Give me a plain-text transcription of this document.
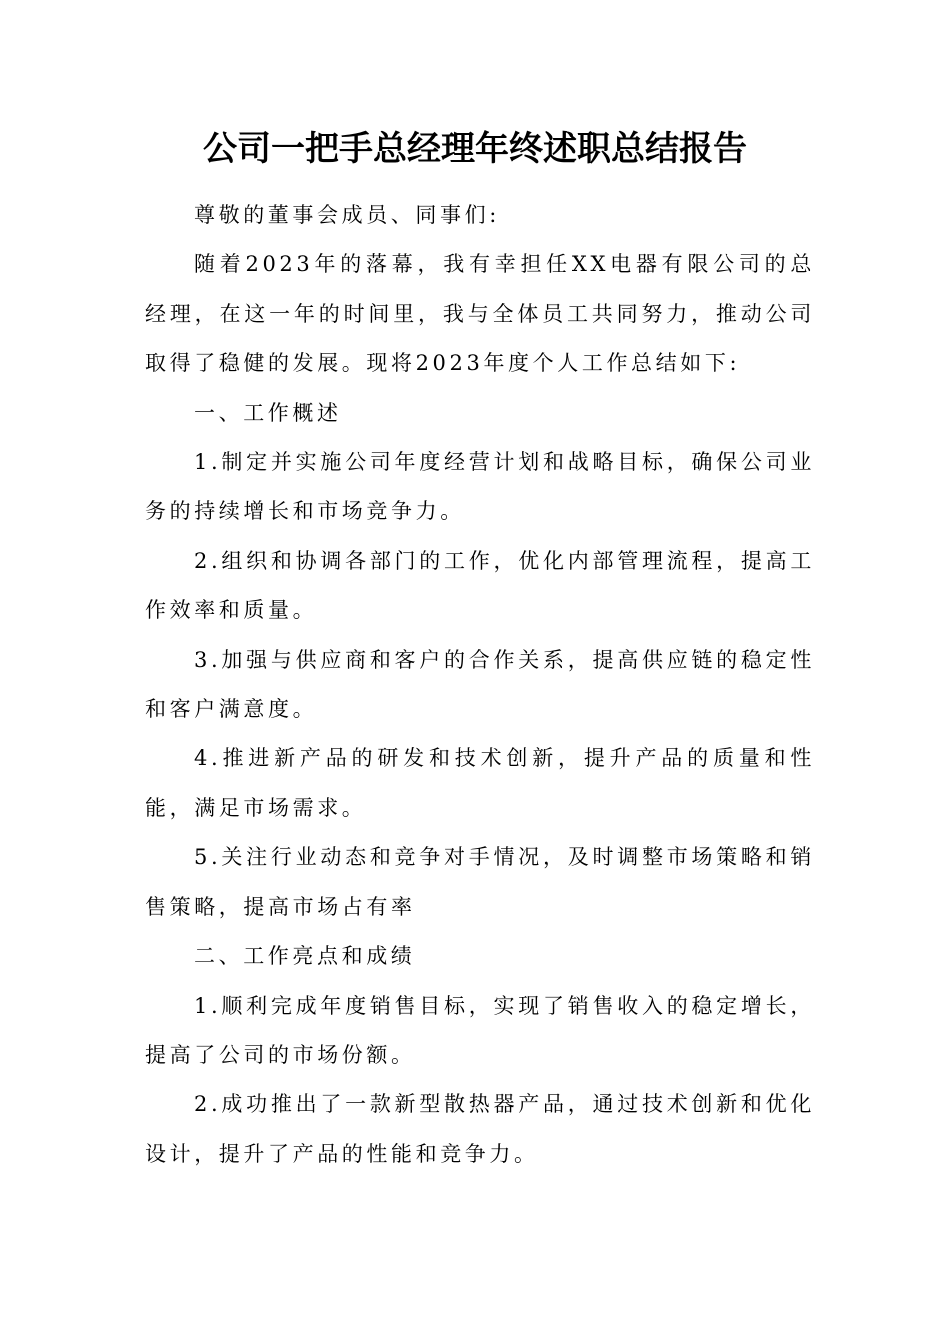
公司一把手总经理年终述职总结报告

尊敬的董事会成员、同事们:

随着2023年的落幕，我有幸担任XX电器有限公司的总经理，在这一年的时间里，我与全体员工共同努力，推动公司取得了稳健的发展。现将2023年度个人工作总结如下:

一、工作概述

1.制定并实施公司年度经营计划和战略目标，确保公司业务的持续增长和市场竞争力。

2.组织和协调各部门的工作，优化内部管理流程，提高工作效率和质量。

3.加强与供应商和客户的合作关系，提高供应链的稳定性和客户满意度。

4.推进新产品的研发和技术创新，提升产品的质量和性能，满足市场需求。

5.关注行业动态和竞争对手情况，及时调整市场策略和销售策略，提高市场占有率

二、工作亮点和成绩

1.顺利完成年度销售目标，实现了销售收入的稳定增长，提高了公司的市场份额。

2.成功推出了一款新型散热器产品，通过技术创新和优化设计，提升了产品的性能和竞争力。
